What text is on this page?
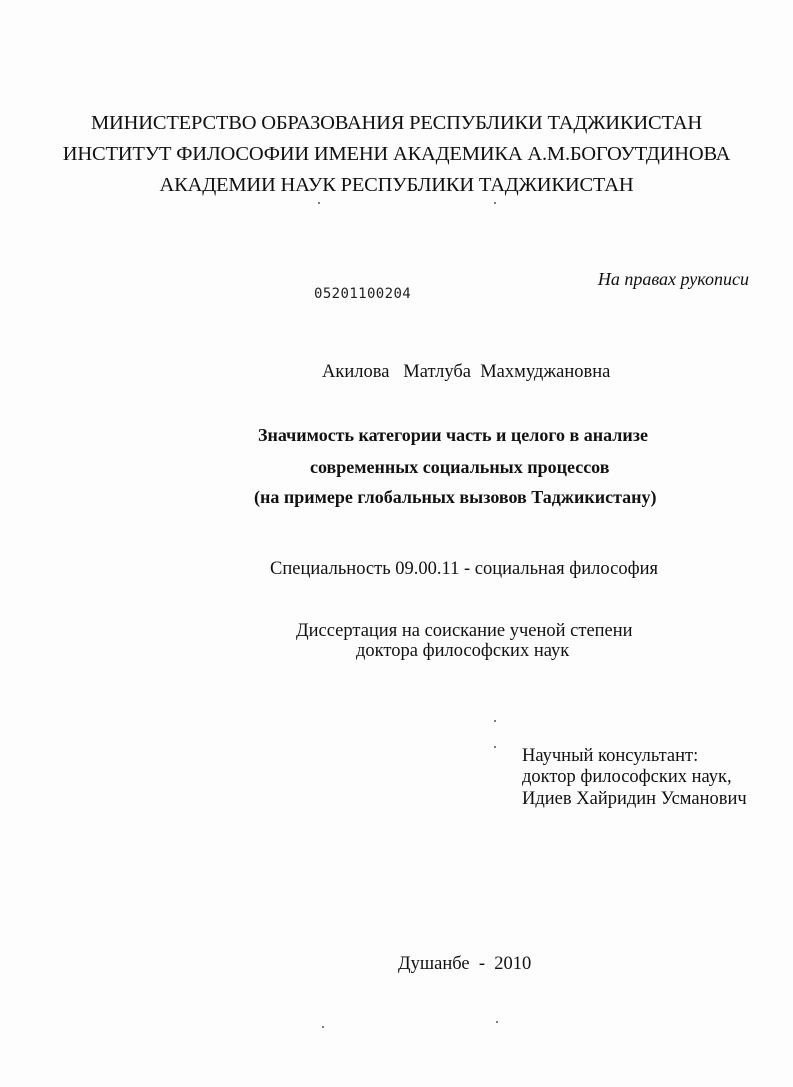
МИНИСТЕРСТВО ОБРАЗОВАНИЯ РЕСПУБЛИКИ ТАДЖИКИСТАН
ИНСТИТУТ ФИЛОСОФИИ ИМЕНИ АКАДЕМИКА А.М.БОГОУТДИНОВА
АКАДЕМИИ НАУК РЕСПУБЛИКИ ТАДЖИКИСТАН
На правах рукописи
05201100204
Акилова   Матлуба  Махмуджановна
Значимость категории часть и целого в анализе
современных социальных процессов
(на примере глобальных вызовов Таджикистану)
Специальность 09.00.11 - социальная философия
Диссертация на соискание ученой степени
доктора философских наук
Научный консультант:
доктор философских наук,
Идиев Хайридин Усманович
Душанбе  -  2010
